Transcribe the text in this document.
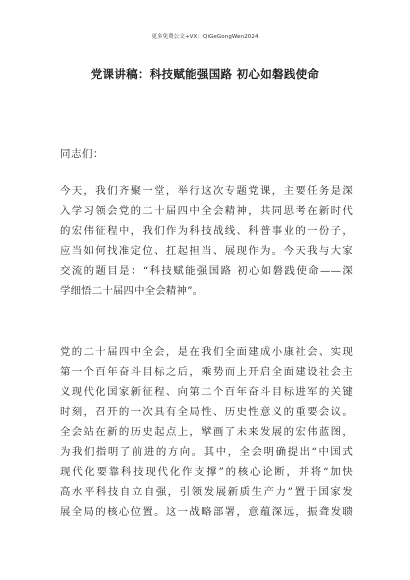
更多免费公文+VX：QiGeGongWen2024
党课讲稿：科技赋能强国路 初心如磐践使命
同志们：
今天，我们齐聚一堂，举行这次专题党课，主要任务是深
入学习领会党的二十届四中全会精神，共同思考在新时代
的宏伟征程中，我们作为科技战线、科普事业的一份子，
应当如何找准定位、扛起担当、展现作为。今天我与大家
交流的题目是：“科技赋能强国路 初心如磐践使命——深
学细悟二十届四中全会精神”。
党的二十届四中全会，是在我们全面建成小康社会、实现
第一个百年奋斗目标之后，乘势而上开启全面建设社会主
义现代化国家新征程、向第二个百年奋斗目标进军的关键
时刻，召开的一次具有全局性、历史性意义的重要会议。
全会站在新的历史起点上，擘画了未来发展的宏伟蓝图，
为我们指明了前进的方向。其中，全会明确提出“中国式
现代化要靠科技现代化作支撑”的核心论断，并将“加快
高水平科技自立自强，引领发展新质生产力”置于国家发
展全局的核心位置。这一战略部署，意蕴深远，振聋发聩
